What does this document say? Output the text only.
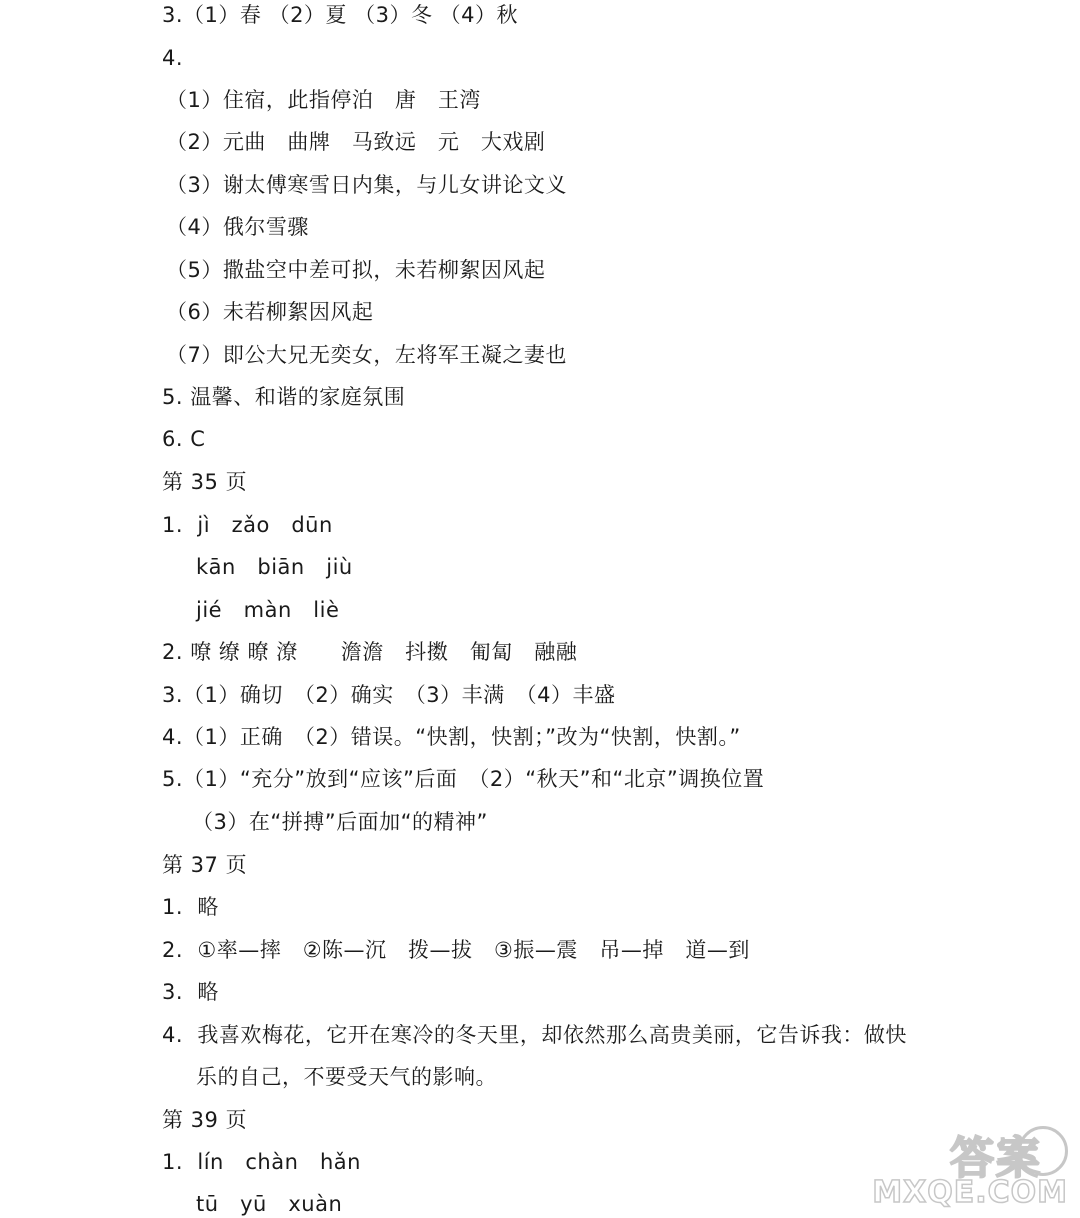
3.（1）春 （2）夏 （3）冬 （4）秋
4.
（1）住宿，此指停泊　唐　王湾
（2）元曲　曲牌　马致远　元　大戏剧
（3）谢太傅寒雪日内集，与儿女讲论文义
（4）俄尔雪骤
（5）撒盐空中差可拟，未若柳絮因风起
（6）未若柳絮因风起
（7）即公大兄无奕女，左将军王凝之妻也
5. 温馨、和谐的家庭氛围
6. C
第 35 页
1.  jì   zǎo   dūn
kān   biān   jiù
jié   màn   liè
2. 嘹 缭 暸 潦　　澹澹　抖擞　匍匐　融融
3.（1）确切　（2）确实　（3）丰满　（4）丰盛
4.（1）正确　（2）错误。“快割，快割；”改为“快割，快割。”
5.（1）“充分”放到“应该”后面　（2）“秋天”和“北京”调换位置
（3）在“拼搏”后面加“的精神”
第 37 页
1.  略
2.  ①率—摔　②陈—沉　拨—拔　③振—震　吊—掉　道—到
3.  略
4.  我喜欢梅花，它开在寒冷的冬天里，却依然那么高贵美丽，它告诉我：做快
乐的自己，不要受天气的影响。
第 39 页
1.  lín   chàn   hǎn
tū   yū   xuàn
答案
MXQE.COM
